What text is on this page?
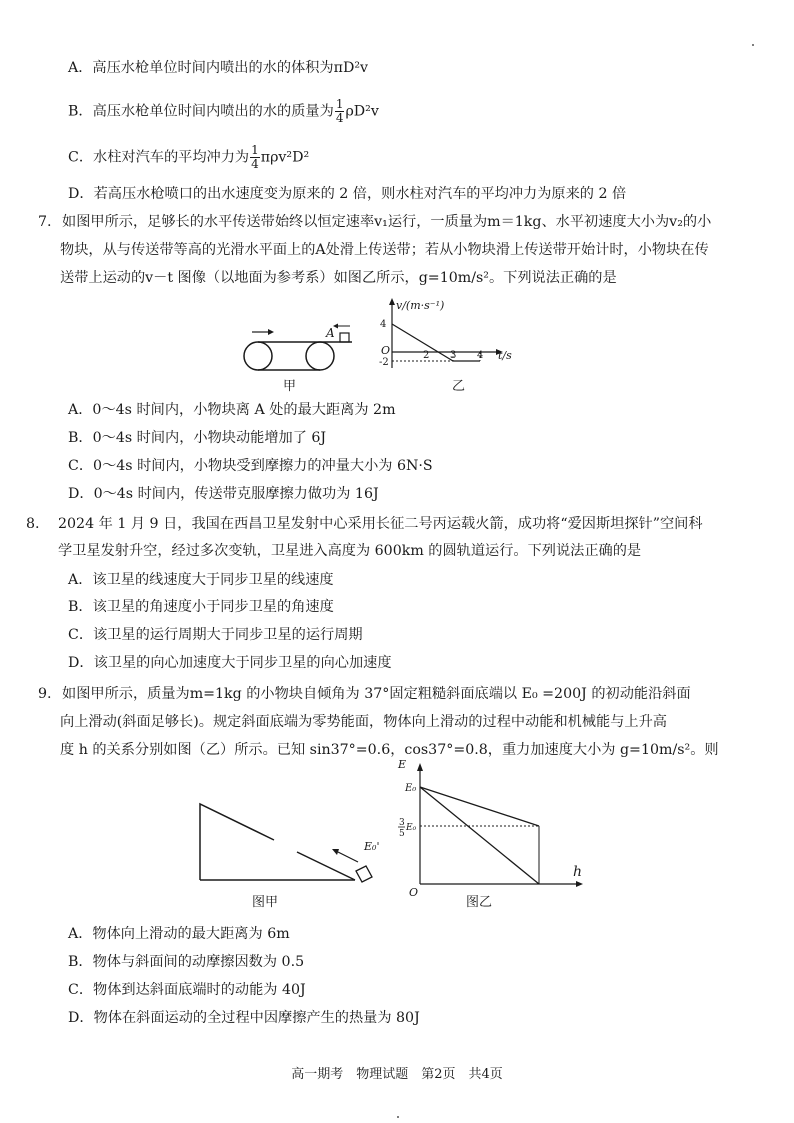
A．高压水枪单位时间内喷出的水的体积为πD²v
B．高压水枪单位时间内喷出的水的质量为 $\frac{1}{4} \rho D^2v$
C．水柱对汽车的平均冲力为 $\frac{1}{4} \pi\rho v^2D^2$
D．若高压水枪喷口的出水速度变为原来的 2 倍，则水柱对汽车的平均冲力为原来的 2 倍
7. 如图甲所示，足够长的水平传送带始终以恒定速率v₁运行，一质量为m＝1kg、水平初速度大小为v₂的小
物块，从与传送带等高的光滑水平面上的A处滑上传送带；若从小物块滑上传送带开始计时，小物块在传
送带上运动的v－t 图像（以地面为参考系）如图乙所示，g=10m/s²。下列说法正确的是
A
甲
v/(m·s⁻¹)
4
O
-2
2 3 4 t/s
乙
A．0～4s 时间内，小物块离 A 处的最大距离为 2m
B．0～4s 时间内，小物块动能增加了 6J
C．0～4s 时间内，小物块受到摩擦力的冲量大小为 6N·S
D．0～4s 时间内，传送带克服摩擦力做功为 16J
8. 2024 年 1 月 9 日，我国在西昌卫星发射中心采用长征二号丙运载火箭，成功将“爱因斯坦探针”空间科
学卫星发射升空，经过多次变轨，卫星进入高度为 600km 的圆轨道运行。下列说法正确的是
A．该卫星的线速度大于同步卫星的线速度
B．该卫星的角速度小于同步卫星的角速度
C．该卫星的运行周期大于同步卫星的运行周期
D．该卫星的向心加速度大于同步卫星的向心加速度
9. 如图甲所示，质量为m=1kg 的小物块自倾角为 37°固定粗糙斜面底端以 E₀ =200J 的初动能沿斜面
向上滑动(斜面足够长)。规定斜面底端为零势能面，物体向上滑动的过程中动能和机械能与上升高
度 h 的关系分别如图（乙）所示。已知 sin37°=0.6，cos37°=0.8，重力加速度大小为 g=10m/s²。则
E₀'
图甲
E
E₀
3
5
E₀
O
h
图乙
A．物体向上滑动的最大距离为 6m
B．物体与斜面间的动摩擦因数为 0.5
C．物体到达斜面底端时的动能为 40J
D．物体在斜面运动的全过程中因摩擦产生的热量为 80J
高一期考　物理试题　第2页　共4页
